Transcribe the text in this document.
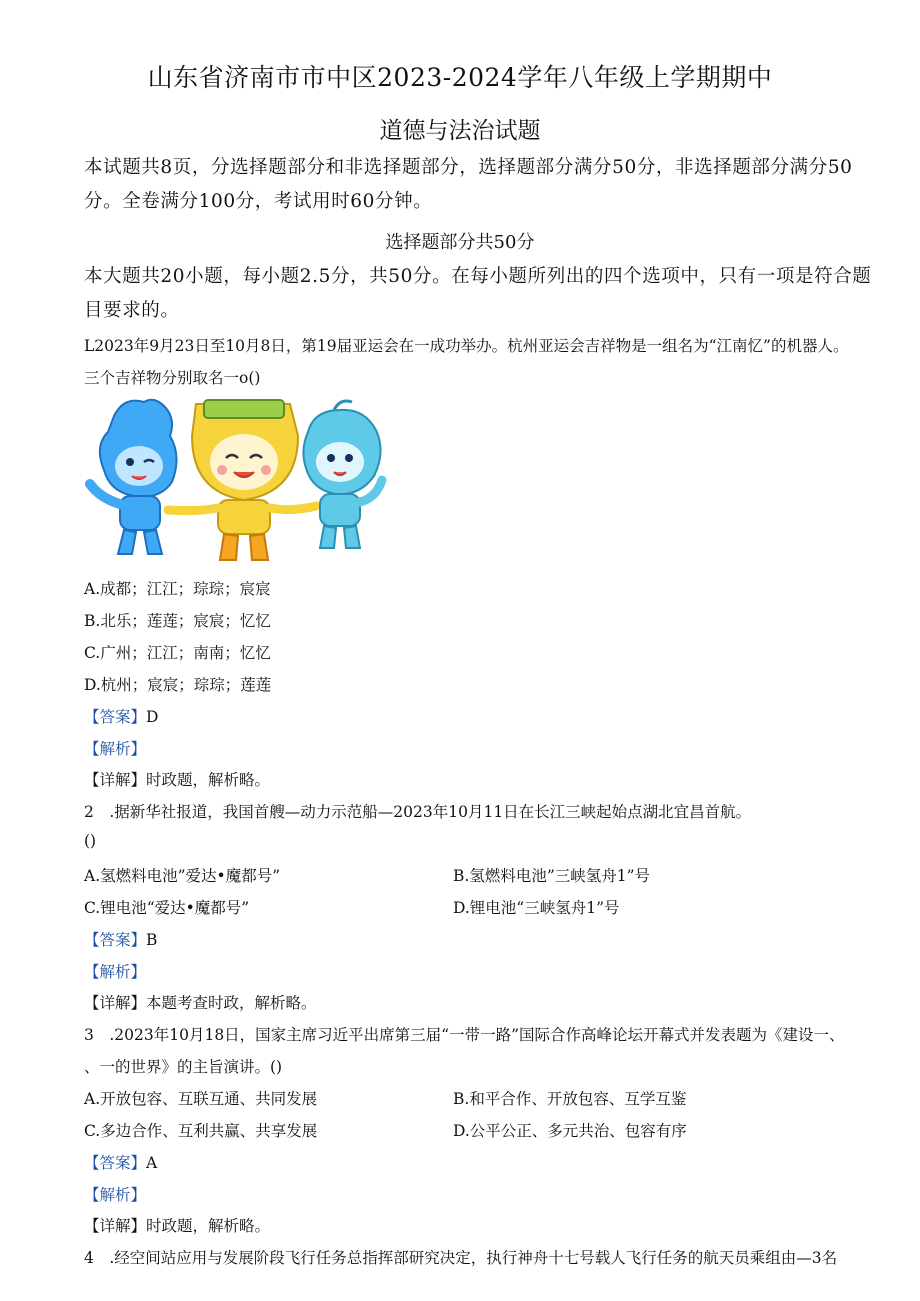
山东省济南市市中区2023-2024学年八年级上学期期中
道德与法治试题
本试题共8页，分选择题部分和非选择题部分，选择题部分满分50分，非选择题部分满分50
分。全卷满分100分，考试用时60分钟。
选择题部分共50分
本大题共20小题，每小题2.5分，共50分。在每小题所列出的四个选项中，只有一项是符合题
目要求的。
L2023年9月23日至10月8日，第19届亚运会在一成功举办。杭州亚运会吉祥物是一组名为“江南忆”的机器人。
三个吉祥物分别取名一o()
A.成都；江江；琮琮；宸宸
B.北乐；莲莲；宸宸；忆忆
C.广州；江江；南南；忆忆
D.杭州；宸宸；琮琮；莲莲
【答案】D
【解析】
【详解】时政题，解析略。
2　.据新华社报道，我国首艘—动力示范船—2023年10月11日在长江三峡起始点湖北宜昌首航。
()
A.氢燃料电池”爱达•魔都号”	B.氢燃料电池”三峡氢舟1”号
C.锂电池“爱达•魔都号”	D.锂电池“三峡氢舟1”号
【答案】B
【解析】
【详解】本题考查时政，解析略。
3　.2023年10月18日，国家主席习近平出席第三届“一带一路”国际合作高峰论坛开幕式并发表题为《建设一、
、一的世界》的主旨演讲。()
A.开放包容、互联互通、共同发展	B.和平合作、开放包容、互学互鉴
C.多边合作、互利共赢、共享发展	D.公平公正、多元共治、包容有序
【答案】A
【解析】
【详解】时政题，解析略。
4　.经空间站应用与发展阶段飞行任务总指挥部研究决定，执行神舟十七号载人飞行任务的航天员乘组由—3名
